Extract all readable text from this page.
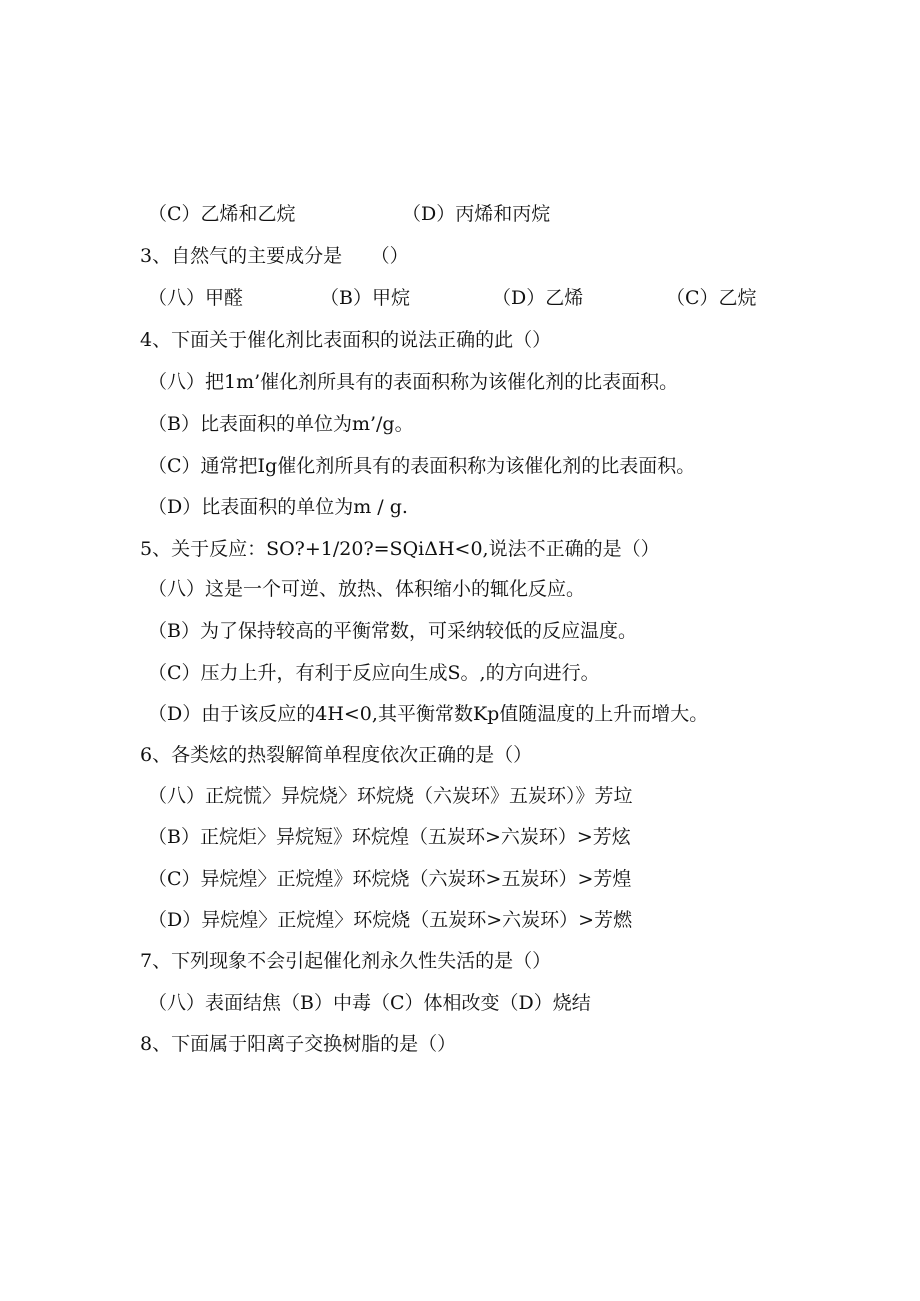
（C）乙烯和乙烷	（D）丙烯和丙烷
3、自然气的主要成分是　　（）
（八）甲醛	（B）甲烷	（D）乙烯	（C）乙烷
4、下面关于催化剂比表面积的说法正确的此（）
（八）把1m’催化剂所具有的表面积称为该催化剂的比表面积。
（B）比表面积的单位为m’/g。
（C）通常把Ig催化剂所具有的表面积称为该催化剂的比表面积。
（D）比表面积的单位为m / g.
5、关于反应：SO?+1/20?=SQiΔH<0,说法不正确的是（）
（八）这是一个可逆、放热、体积缩小的辄化反应。
（B）为了保持较高的平衡常数，可采纳较低的反应温度。
（C）压力上升，有利于反应向生成S。,的方向进行。
（D）由于该反应的4H<0,其平衡常数Kp值随温度的上升而增大。
6、各类炫的热裂解简单程度依次正确的是（）
（八）正烷慌〉异烷烧〉环烷烧（六炭环》五炭环）》芳垃
（B）正烷炬〉异烷短》环烷煌（五炭环>六炭环）>芳炫
（C）异烷煌〉正烷煌》环烷烧（六炭环>五炭环）>芳煌
（D）异烷煌〉正烷煌〉环烷烧（五炭环>六炭环）>芳燃
7、下列现象不会引起催化剂永久性失活的是（）
（八）表面结焦（B）中毒（C）体相改变（D）烧结
8、下面属于阳离子交换树脂的是（）
